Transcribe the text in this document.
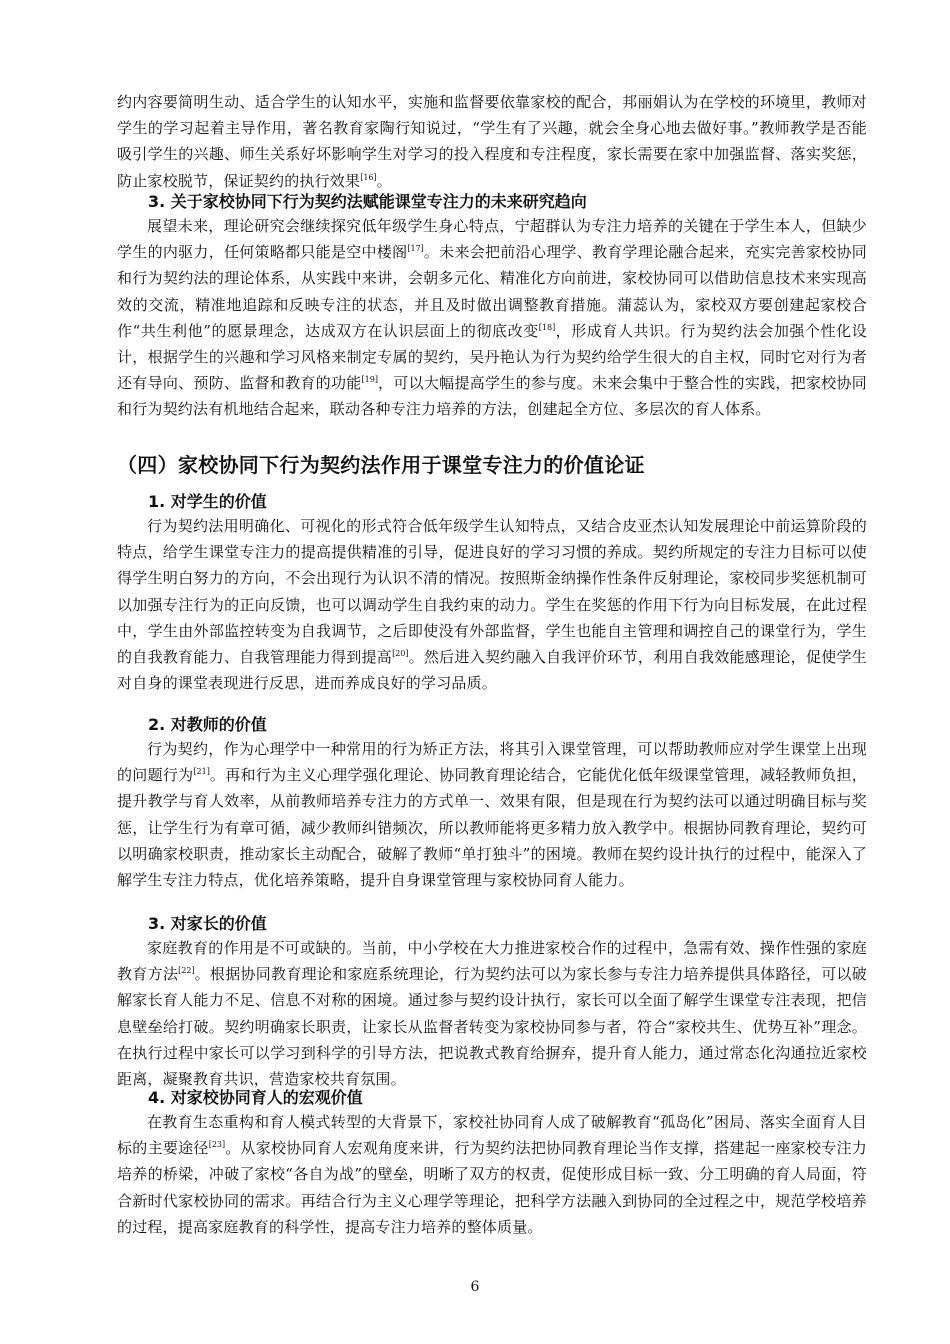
约内容要简明生动、适合学生的认知水平，实施和监督要依靠家校的配合，邦丽娟认为在学校的环境里，教师对学生的学习起着主导作用，著名教育家陶行知说过，“学生有了兴趣，就会全身心地去做好事。”教师教学是否能吸引学生的兴趣、师生关系好坏影响学生对学习的投入程度和专注程度，家长需要在家中加强监督、落实奖惩，防止家校脱节，保证契约的执行效果[16]。

3. 关于家校协同下行为契约法赋能课堂专注力的未来研究趋向

展望未来，理论研究会继续探究低年级学生身心特点，宁超群认为专注力培养的关键在于学生本人，但缺少学生的内驱力，任何策略都只能是空中楼阁[17]。未来会把前沿心理学、教育学理论融合起来，充实完善家校协同和行为契约法的理论体系，从实践中来讲，会朝多元化、精准化方向前进，家校协同可以借助信息技术来实现高效的交流，精准地追踪和反映专注的状态，并且及时做出调整教育措施。蒲蕊认为，家校双方要创建起家校合作“共生利他”的愿景理念，达成双方在认识层面上的彻底改变[18]，形成育人共识。行为契约法会加强个性化设计，根据学生的兴趣和学习风格来制定专属的契约，吴丹艳认为行为契约给学生很大的自主权，同时它对行为者还有导向、预防、监督和教育的功能[19]，可以大幅提高学生的参与度。未来会集中于整合性的实践，把家校协同和行为契约法有机地结合起来，联动各种专注力培养的方法，创建起全方位、多层次的育人体系。

（四）家校协同下行为契约法作用于课堂专注力的价值论证
1. 对学生的价值

行为契约法用明确化、可视化的形式符合低年级学生认知特点，又结合皮亚杰认知发展理论中前运算阶段的特点，给学生课堂专注力的提高提供精准的引导，促进良好的学习习惯的养成。契约所规定的专注力目标可以使得学生明白努力的方向，不会出现行为认识不清的情况。按照斯金纳操作性条件反射理论，家校同步奖惩机制可以加强专注行为的正向反馈，也可以调动学生自我约束的动力。学生在奖惩的作用下行为向目标发展，在此过程中，学生由外部监控转变为自我调节，之后即使没有外部监督，学生也能自主管理和调控自己的课堂行为，学生的自我教育能力、自我管理能力得到提高[20]。然后进入契约融入自我评价环节，利用自我效能感理论，促使学生对自身的课堂表现进行反思，进而养成良好的学习品质。

2. 对教师的价值

行为契约，作为心理学中一种常用的行为矫正方法，将其引入课堂管理，可以帮助教师应对学生课堂上出现的问题行为[21]。再和行为主义心理学强化理论、协同教育理论结合，它能优化低年级课堂管理，减轻教师负担，提升教学与育人效率，从前教师培养专注力的方式单一、效果有限，但是现在行为契约法可以通过明确目标与奖惩，让学生行为有章可循，减少教师纠错频次，所以教师能将更多精力放入教学中。根据协同教育理论，契约可以明确家校职责，推动家长主动配合，破解了教师“单打独斗”的困境。教师在契约设计执行的过程中，能深入了解学生专注力特点，优化培养策略，提升自身课堂管理与家校协同育人能力。

3. 对家长的价值

家庭教育的作用是不可或缺的。当前，中小学校在大力推进家校合作的过程中，急需有效、操作性强的家庭教育方法[22]。根据协同教育理论和家庭系统理论，行为契约法可以为家长参与专注力培养提供具体路径，可以破解家长育人能力不足、信息不对称的困境。通过参与契约设计执行，家长可以全面了解学生课堂专注表现，把信息壁垒给打破。契约明确家长职责，让家长从监督者转变为家校协同参与者，符合“家校共生、优势互补”理念。在执行过程中家长可以学习到科学的引导方法，把说教式教育给摒弃，提升育人能力，通过常态化沟通拉近家校距离，凝聚教育共识，营造家校共育氛围。

4. 对家校协同育人的宏观价值

在教育生态重构和育人模式转型的大背景下，家校社协同育人成了破解教育“孤岛化”困局、落实全面育人目标的主要途径[23]。从家校协同育人宏观角度来讲，行为契约法把协同教育理论当作支撑，搭建起一座家校专注力培养的桥梁，冲破了家校“各自为战”的壁垒，明晰了双方的权责，促使形成目标一致、分工明确的育人局面，符合新时代家校协同的需求。再结合行为主义心理学等理论，把科学方法融入到协同的全过程之中，规范学校培养的过程，提高家庭教育的科学性，提高专注力培养的整体质量。

6
